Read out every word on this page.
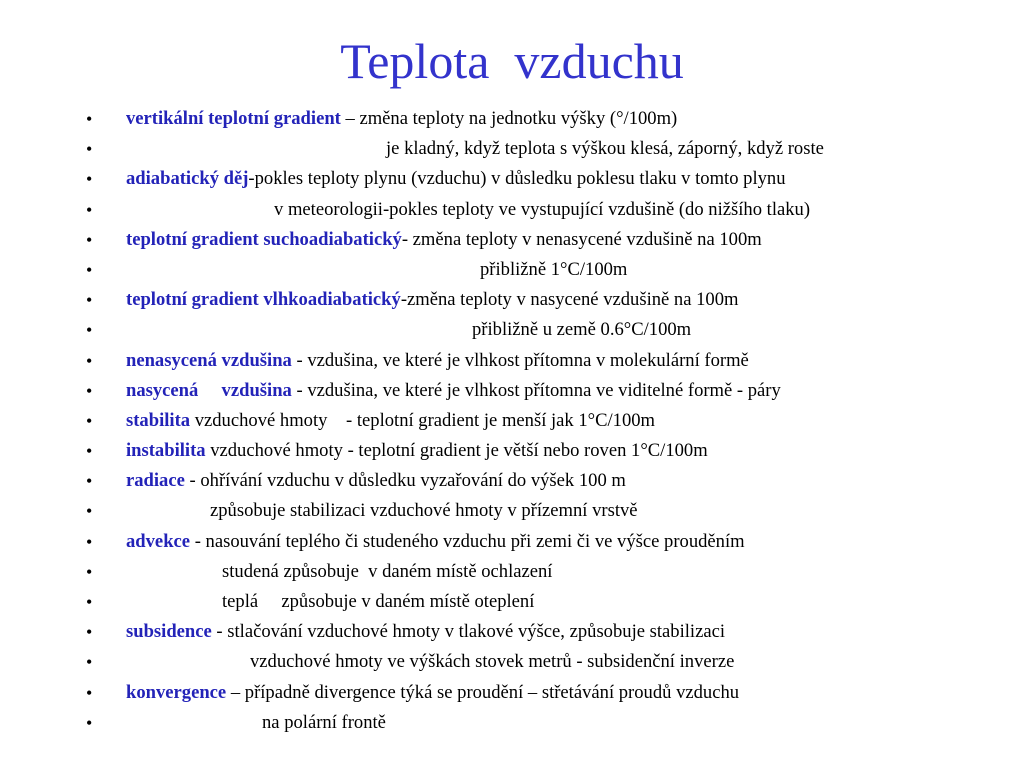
Teplota  vzduchu
• vertikální teplotní gradient – změna teploty na jednotku výšky (°/100m)
•	je kladný, když teplota s výškou klesá, záporný, když roste
• adiabatický děj-pokles teploty plynu (vzduchu) v důsledku poklesu tlaku v tomto plynu
•	v meteorologii-pokles teploty ve vystupující vzdušině (do nižšího tlaku)
• teplotní gradient suchoadiabatický- změna teploty v nenasycené vzdušině na 100m
•	přibližně 1°C/100m
• teplotní gradient vlhkoadiabatický-změna teploty v nasycené vzdušině na 100m
•	přibližně u země 0.6°C/100m
• nenasycená vzdušina - vzdušina, ve které je vlhkost přítomna v molekulární formě
• nasycená     vzdušina - vzdušina, ve které je vlhkost přítomna ve viditelné formě - páry
• stabilita vzduchové hmoty    - teplotní gradient je menší jak 1°C/100m
• instabilita vzduchové hmoty - teplotní gradient je větší nebo roven 1°C/100m
• radiace - ohřívání vzduchu v důsledku vyzařování do výšek 100 m
•	způsobuje stabilizaci vzduchové hmoty v přízemní vrstvě
• advekce - nasouvání teplého či studeného vzduchu při zemi či ve výšce prouděním
•	studená způsobuje  v daném místě ochlazení
•	teplá     způsobuje v daném místě oteplení
• subsidence - stlačování vzduchové hmoty v tlakové výšce, způsobuje stabilizaci
•	vzduchové hmoty ve výškách stovek metrů - subsidenční inverze
• konvergence – případně divergence týká se proudění – střetávání proudů vzduchu
•	na polární frontě
